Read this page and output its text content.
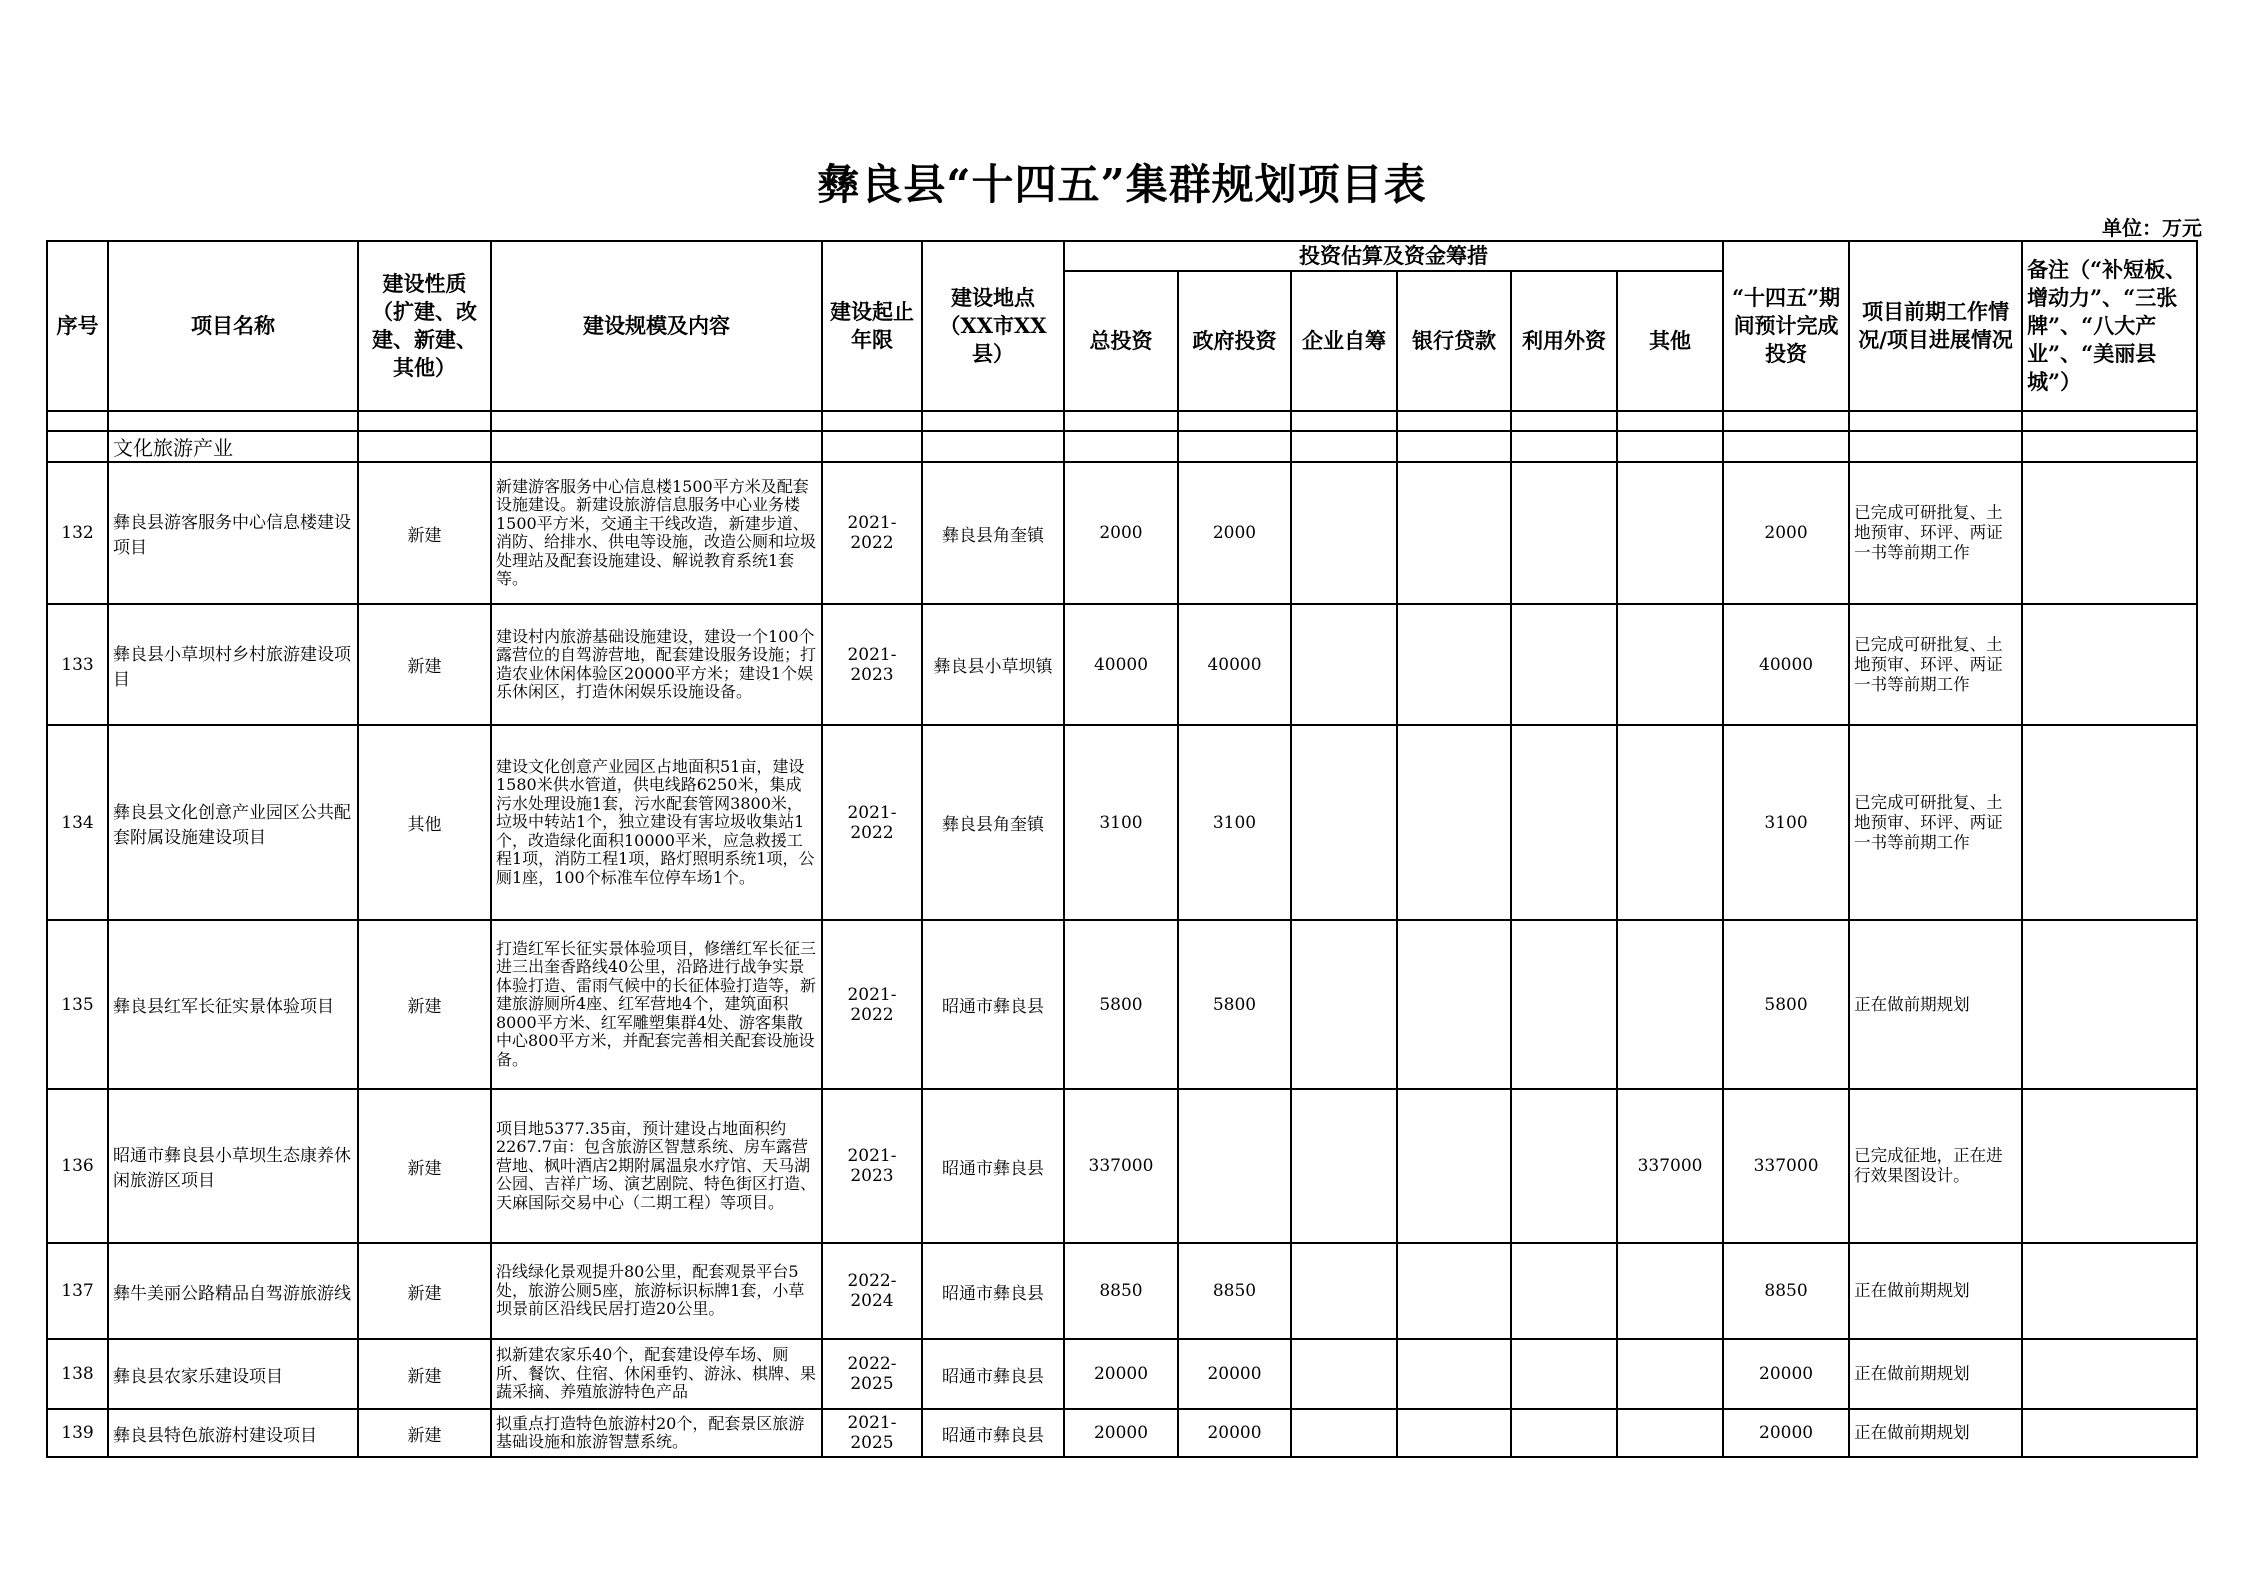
彝良县“十四五”集群规划项目表
单位：万元
序号	项目名称	建设性质（扩建、改建、新建、其他）	建设规模及内容	建设起止年限	建设地点（XX市XX县）	投资估算及资金筹措						“十四五”期间预计完成投资	项目前期工作情况/项目进展情况	备注（“补短板、增动力”、“三张牌”、“八大产业”、“美丽县城”）
						总投资	政府投资	企业自筹	银行贷款	利用外资	其他			

	文化旅游产业													
132	彝良县游客服务中心信息楼建设项目	新建	新建游客服务中心信息楼1500平方米及配套设施建设。新建设旅游信息服务中心业务楼1500平方米，交通主干线改造，新建步道、消防、给排水、供电等设施，改造公厕和垃圾处理站及配套设施建设、解说教育系统1套等。	2021-2022	彝良县角奎镇	2000	2000					2000	已完成可研批复、土地预审、环评、两证一书等前期工作	
133	彝良县小草坝村乡村旅游建设项目	新建	建设村内旅游基础设施建设，建设一个100个露营位的自驾游营地，配套建设服务设施；打造农业休闲体验区20000平方米；建设1个娱乐休闲区，打造休闲娱乐设施设备。	2021-2023	彝良县小草坝镇	40000	40000					40000	已完成可研批复、土地预审、环评、两证一书等前期工作	
134	彝良县文化创意产业园区公共配套附属设施建设项目	其他	建设文化创意产业园区占地面积51亩，建设1580米供水管道，供电线路6250米，集成污水处理设施1套，污水配套管网3800米，垃圾中转站1个，独立建设有害垃圾收集站1个，改造绿化面积10000平米，应急救援工程1项，消防工程1项，路灯照明系统1项，公厕1座，100个标准车位停车场1个。	2021-2022	彝良县角奎镇	3100	3100					3100	已完成可研批复、土地预审、环评、两证一书等前期工作	
135	彝良县红军长征实景体验项目	新建	打造红军长征实景体验项目，修缮红军长征三进三出奎香路线40公里，沿路进行战争实景体验打造、雷雨气候中的长征体验打造等，新建旅游厕所4座、红军营地4个，建筑面积8000平方米、红军雕塑集群4处、游客集散中心800平方米，并配套完善相关配套设施设备。	2021-2022	昭通市彝良县	5800	5800					5800	正在做前期规划	
136	昭通市彝良县小草坝生态康养休闲旅游区项目	新建	项目地5377.35亩，预计建设占地面积约2267.7亩：包含旅游区智慧系统、房车露营营地、枫叶酒店2期附属温泉水疗馆、天马湖公园、吉祥广场、演艺剧院、特色街区打造、天麻国际交易中心（二期工程）等项目。	2021-2023	昭通市彝良县	337000					337000	337000	已完成征地，正在进行效果图设计。	
137	彝牛美丽公路精品自驾游旅游线	新建	沿线绿化景观提升80公里，配套观景平台5处，旅游公厕5座，旅游标识标牌1套，小草坝景前区沿线民居打造20公里。	2022-2024	昭通市彝良县	8850	8850					8850	正在做前期规划	
138	彝良县农家乐建设项目	新建	拟新建农家乐40个，配套建设停车场、厕所、餐饮、住宿、休闲垂钓、游泳、棋牌、果蔬采摘、养殖旅游特色产品	2022-2025	昭通市彝良县	20000	20000					20000	正在做前期规划	
139	彝良县特色旅游村建设项目	新建	拟重点打造特色旅游村20个，配套景区旅游基础设施和旅游智慧系统。	2021-2025	昭通市彝良县	20000	20000					20000	正在做前期规划	
